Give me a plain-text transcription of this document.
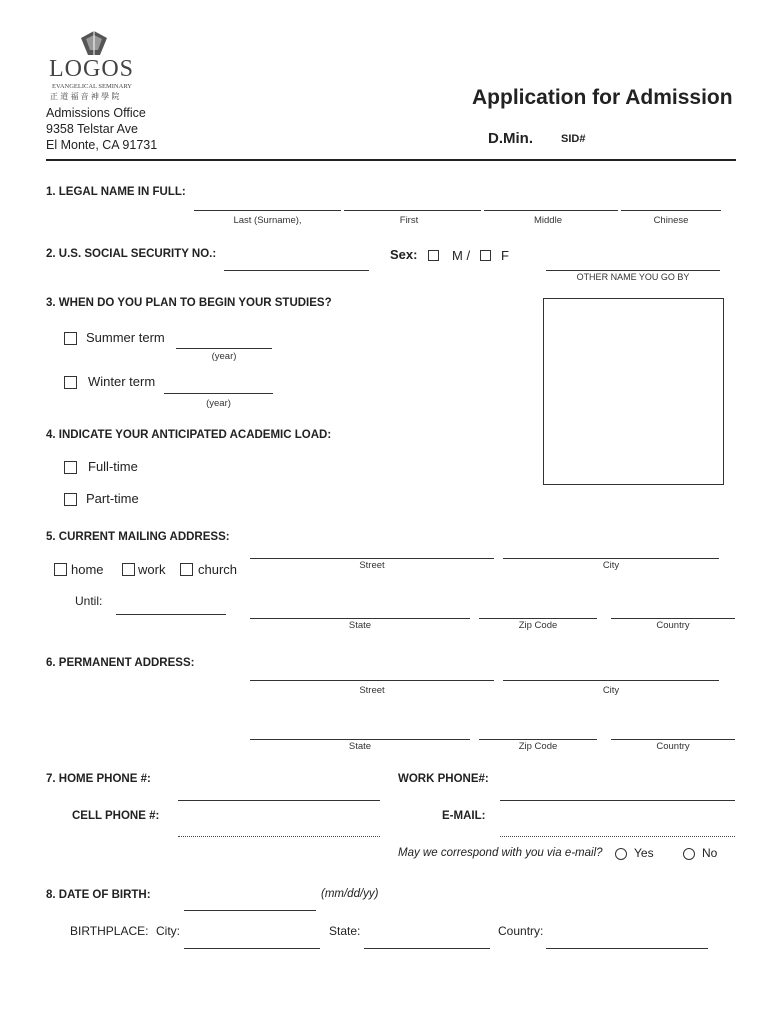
LOGOS
EVANGELICAL SEMINARY
正 道 福 音 神 學 院
Admissions Office
9358 Telstar Ave
El Monte, CA 91731
Application for Admission
D.Min.	SID#
1. LEGAL NAME IN FULL:
Last (Surname),	First	Middle	Chinese
2. U.S. SOCIAL SECURITY NO.:	Sex:	M / F
OTHER NAME YOU GO BY
3. WHEN DO YOU PLAN TO BEGIN YOUR STUDIES?
Summer term
(year)
Winter term
(year)
4. INDICATE YOUR ANTICIPATED ACADEMIC LOAD:
Full-time
Part-time
5. CURRENT MAILING ADDRESS:
home	work	church	Street	City
Until:
State	Zip Code	Country
6. PERMANENT ADDRESS:
Street	City
State	Zip Code	Country
7. HOME PHONE #:	WORK PHONE#:
CELL PHONE #:	E-MAIL:
May we correspond with you via e-mail?	Yes	No
8. DATE OF BIRTH:	(mm/dd/yy)
BIRTHPLACE: City:	State:	Country:
